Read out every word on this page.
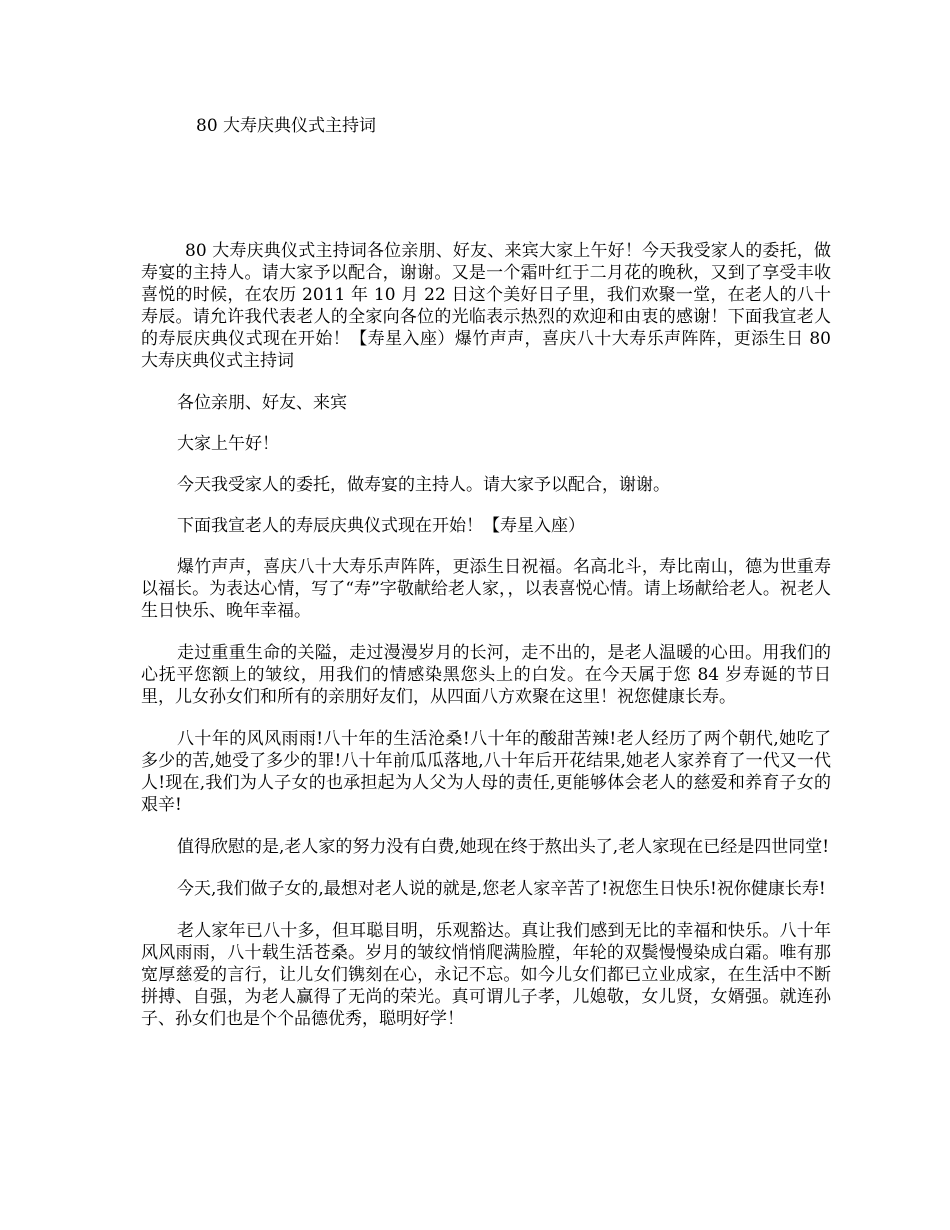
80 大寿庆典仪式主持词

80 大寿庆典仪式主持词各位亲朋、好友、来宾大家上午好！今天我受家人的委托，做寿宴的主持人。请大家予以配合，谢谢。又是一个霜叶红于二月花的晚秋，又到了享受丰收喜悦的时候，在农历 2011 年 10 月 22 日这个美好日子里，我们欢聚一堂，在老人的八十寿辰。请允许我代表老人的全家向各位的光临表示热烈的欢迎和由衷的感谢！下面我宣老人的寿辰庆典仪式现在开始！【寿星入座）爆竹声声，喜庆八十大寿乐声阵阵，更添生日 80 大寿庆典仪式主持词

各位亲朋、好友、来宾

大家上午好！

今天我受家人的委托，做寿宴的主持人。请大家予以配合，谢谢。

下面我宣老人的寿辰庆典仪式现在开始！【寿星入座）

爆竹声声，喜庆八十大寿乐声阵阵，更添生日祝福。名高北斗，寿比南山，德为世重寿以福长。为表达心情，写了“寿”字敬献给老人家，，以表喜悦心情。请上场献给老人。祝老人生日快乐、晚年幸福。

走过重重生命的关隘，走过漫漫岁月的长河，走不出的，是老人温暖的心田。用我们的心抚平您额上的皱纹，用我们的情感染黑您头上的白发。在今天属于您 84 岁寿诞的节日里，儿女孙女们和所有的亲朋好友们，从四面八方欢聚在这里！祝您健康长寿。

八十年的风风雨雨!八十年的生活沧桑!八十年的酸甜苦辣!老人经历了两个朝代,她吃了多少的苦,她受了多少的罪!八十年前瓜瓜落地,八十年后开花结果,她老人家养育了一代又一代人!现在,我们为人子女的也承担起为人父为人母的责任,更能够体会老人的慈爱和养育子女的艰辛!

值得欣慰的是,老人家的努力没有白费,她现在终于熬出头了,老人家现在已经是四世同堂!

今天,我们做子女的,最想对老人说的就是,您老人家辛苦了!祝您生日快乐!祝你健康长寿!

老人家年已八十多，但耳聪目明，乐观豁达。真让我们感到无比的幸福和快乐。八十年风风雨雨，八十载生活苍桑。岁月的皱纹悄悄爬满脸膛，年轮的双鬓慢慢染成白霜。唯有那宽厚慈爱的言行，让儿女们镌刻在心，永记不忘。如今儿女们都已立业成家，在生活中不断拼搏、自强，为老人赢得了无尚的荣光。真可谓儿子孝，儿媳敬，女儿贤，女婿强。就连孙子、孙女们也是个个品德优秀，聪明好学！
